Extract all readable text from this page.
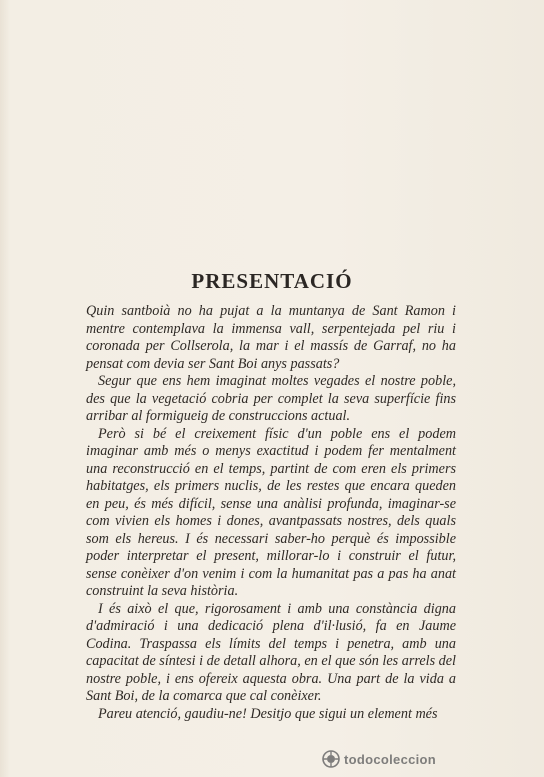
PRESENTACIÓ

Quin santboià no ha pujat a la muntanya de Sant Ramon i mentre contemplava la immensa vall, serpentejada pel riu i coronada per Collserola, la mar i el massís de Garraf, no ha pensat com devia ser Sant Boi anys passats?

Segur que ens hem imaginat moltes vegades el nostre poble, des que la vegetació cobria per complet la seva superfície fins arribar al formigueig de construccions actual.

Però si bé el creixement físic d'un poble ens el podem imaginar amb més o menys exactitud i podem fer mentalment una reconstrucció en el temps, partint de com eren els primers habitatges, els primers nuclis, de les restes que encara queden en peu, és més difícil, sense una anàlisi profunda, imaginar-se com vivien els homes i dones, avantpassats nostres, dels quals som els hereus. I és necessari saber-ho perquè és impossible poder interpretar el present, millorar-lo i construir el futur, sense conèixer d'on venim i com la humanitat pas a pas ha anat construint la seva història.

I és això el que, rigorosament i amb una constància digna d'admiració i una dedicació plena d'il·lusió, fa en Jaume Codina. Traspassa els límits del temps i penetra, amb una capacitat de síntesi i de detall alhora, en el que són les arrels del nostre poble, i ens ofereix aquesta obra. Una part de la vida a Sant Boi, de la comarca que cal conèixer.

Pareu atenció, gaudiu-ne! Desitjo que sigui un element més

todocoleccion
